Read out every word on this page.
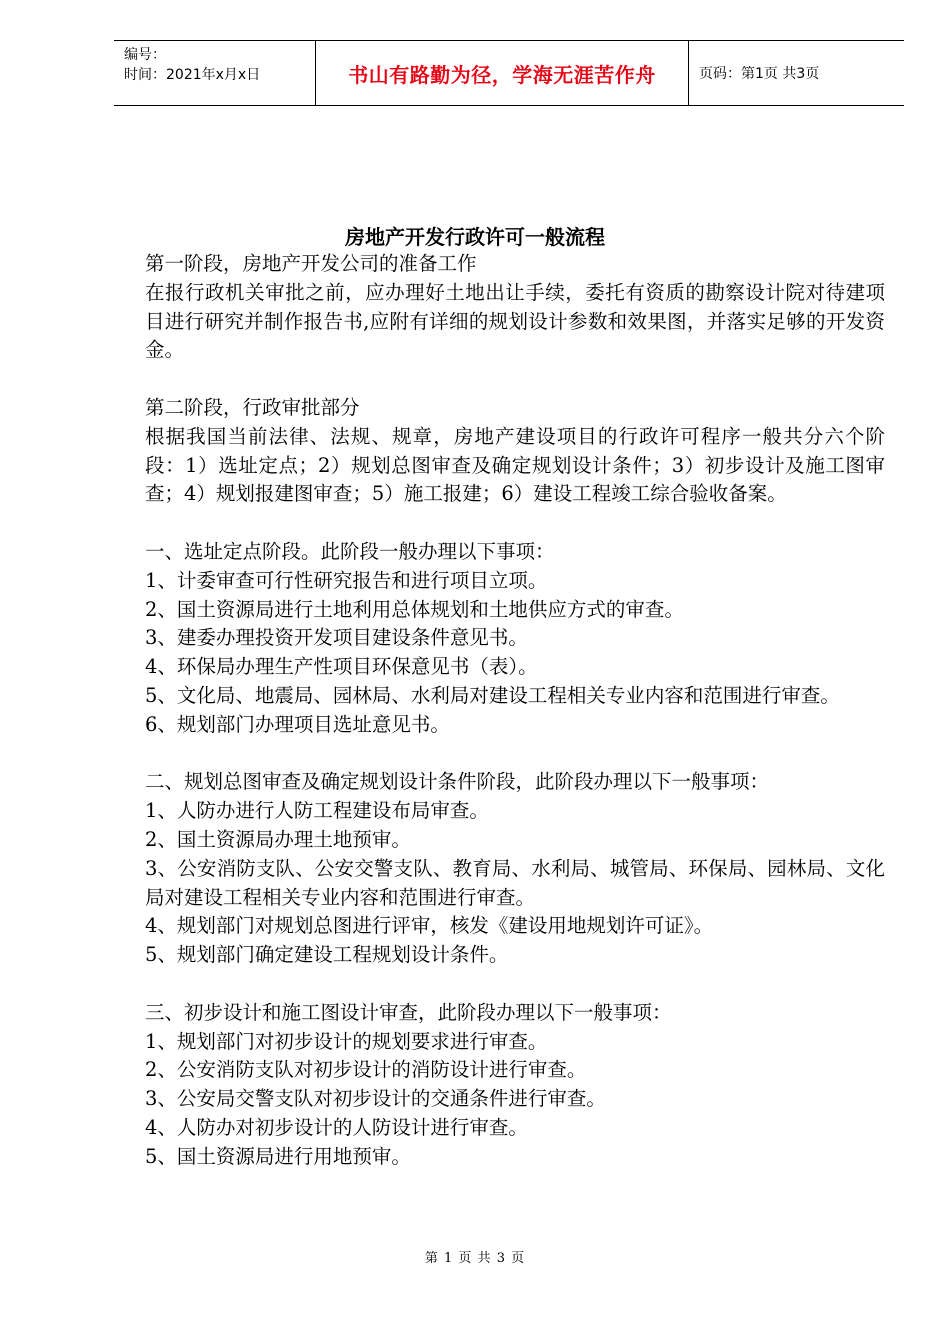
编号：
时间：2021年x月x日	书山有路勤为径，学海无涯苦作舟	页码：第1页 共3页
房地产开发行政许可一般流程

第一阶段，房地产开发公司的准备工作

在报行政机关审批之前，应办理好土地出让手续，委托有资质的勘察设计院对待建项目进行研究并制作报告书,应附有详细的规划设计参数和效果图，并落实足够的开发资金。

第二阶段，行政审批部分

根据我国当前法律、法规、规章，房地产建设项目的行政许可程序一般共分六个阶段：1）选址定点；2）规划总图审查及确定规划设计条件；3）初步设计及施工图审查；4）规划报建图审查；5）施工报建；6）建设工程竣工综合验收备案。

一、选址定点阶段。此阶段一般办理以下事项：

1、计委审查可行性研究报告和进行项目立项。

2、国土资源局进行土地利用总体规划和土地供应方式的审查。

3、建委办理投资开发项目建设条件意见书。

4、环保局办理生产性项目环保意见书（表）。

5、文化局、地震局、园林局、水利局对建设工程相关专业内容和范围进行审查。

6、规划部门办理项目选址意见书。

二、规划总图审查及确定规划设计条件阶段，此阶段办理以下一般事项：

1、人防办进行人防工程建设布局审查。

2、国土资源局办理土地预审。

3、公安消防支队、公安交警支队、教育局、水利局、城管局、环保局、园林局、文化局对建设工程相关专业内容和范围进行审查。

4、规划部门对规划总图进行评审，核发《建设用地规划许可证》。

5、规划部门确定建设工程规划设计条件。

三、初步设计和施工图设计审查，此阶段办理以下一般事项：

1、规划部门对初步设计的规划要求进行审查。

2、公安消防支队对初步设计的消防设计进行审查。

3、公安局交警支队对初步设计的交通条件进行审查。

4、人防办对初步设计的人防设计进行审查。

5、国土资源局进行用地预审。

第 1 页 共 3 页
